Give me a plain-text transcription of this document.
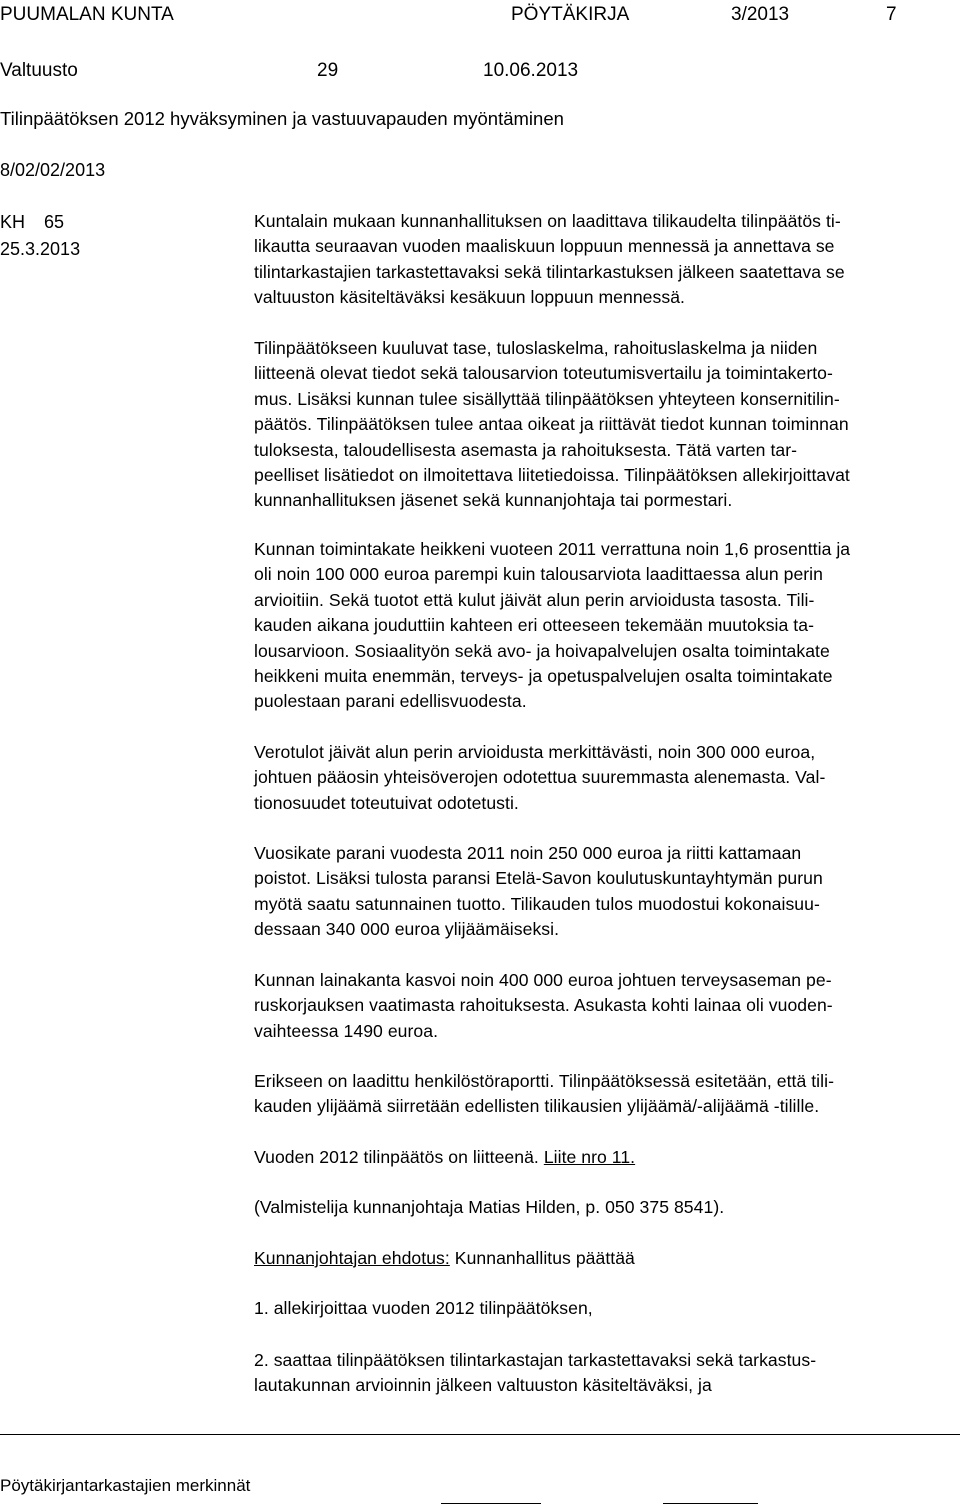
PUUMALAN KUNTA	PÖYTÄKIRJA	3/2013	7
Valtuusto	29	10.06.2013
Tilinpäätöksen 2012 hyväksyminen ja vastuuvapauden myöntäminen
8/02/02/2013
KH 65
25.3.2013

Kuntalain mukaan kunnanhallituksen on laadittava tilikaudelta tilinpäätös ti-

likautta seuraavan vuoden maaliskuun loppuun mennessä ja annettava se

tilintarkastajien tarkastettavaksi sekä tilintarkastuksen jälkeen saatettava se

valtuuston käsiteltäväksi kesäkuun loppuun mennessä.

Tilinpäätökseen kuuluvat tase, tuloslaskelma, rahoituslaskelma ja niiden

liitteenä olevat tiedot sekä talousarvion toteutumisvertailu ja toimintakerto-

mus. Lisäksi kunnan tulee sisällyttää tilinpäätöksen yhteyteen konsernitilin-

päätös. Tilinpäätöksen tulee antaa oikeat ja riittävät tiedot kunnan toiminnan

tuloksesta, taloudellisesta asemasta ja rahoituksesta. Tätä varten tar-

peelliset lisätiedot on ilmoitettava liitetiedoissa. Tilinpäätöksen allekirjoittavat

kunnanhallituksen jäsenet sekä kunnanjohtaja tai pormestari.

Kunnan toimintakate heikkeni vuoteen 2011 verrattuna noin 1,6 prosenttia ja

oli noin 100 000 euroa parempi kuin talousarviota laadittaessa alun perin

arvioitiin. Sekä tuotot että kulut jäivät alun perin arvioidusta tasosta. Tili-

kauden aikana jouduttiin kahteen eri otteeseen tekemään muutoksia ta-

lousarvioon. Sosiaalityön sekä avo- ja hoivapalvelujen osalta toimintakate

heikkeni muita enemmän, terveys- ja opetuspalvelujen osalta toimintakate

puolestaan parani edellisvuodesta.

Verotulot jäivät alun perin arvioidusta merkittävästi, noin 300 000 euroa,

johtuen pääosin yhteisöverojen odotettua suuremmasta alenemasta. Val-

tionosuudet toteutuivat odotetusti.

Vuosikate parani vuodesta 2011 noin 250 000 euroa ja riitti kattamaan

poistot. Lisäksi tulosta paransi Etelä-Savon koulutuskuntayhtymän purun

myötä saatu satunnainen tuotto. Tilikauden tulos muodostui kokonaisuu-

dessaan 340 000 euroa ylijäämäiseksi.

Kunnan lainakanta kasvoi noin 400 000 euroa johtuen terveysaseman pe-

ruskorjauksen vaatimasta rahoituksesta. Asukasta kohti lainaa oli vuoden-

vaihteessa 1490 euroa.

Erikseen on laadittu henkilöstöraportti. Tilinpäätöksessä esitetään, että tili-

kauden ylijäämä siirretään edellisten tilikausien ylijäämä/-alijäämä -tilille.

Vuoden 2012 tilinpäätös on liitteenä. Liite nro 11.

(Valmistelija kunnanjohtaja Matias Hilden, p. 050 375 8541).

Kunnanjohtajan ehdotus: Kunnanhallitus päättää

1. allekirjoittaa vuoden 2012 tilinpäätöksen,

2. saattaa tilinpäätöksen tilintarkastajan tarkastettavaksi sekä tarkastus-

lautakunnan arvioinnin jälkeen valtuuston käsiteltäväksi, ja

Pöytäkirjantarkastajien merkinnät
